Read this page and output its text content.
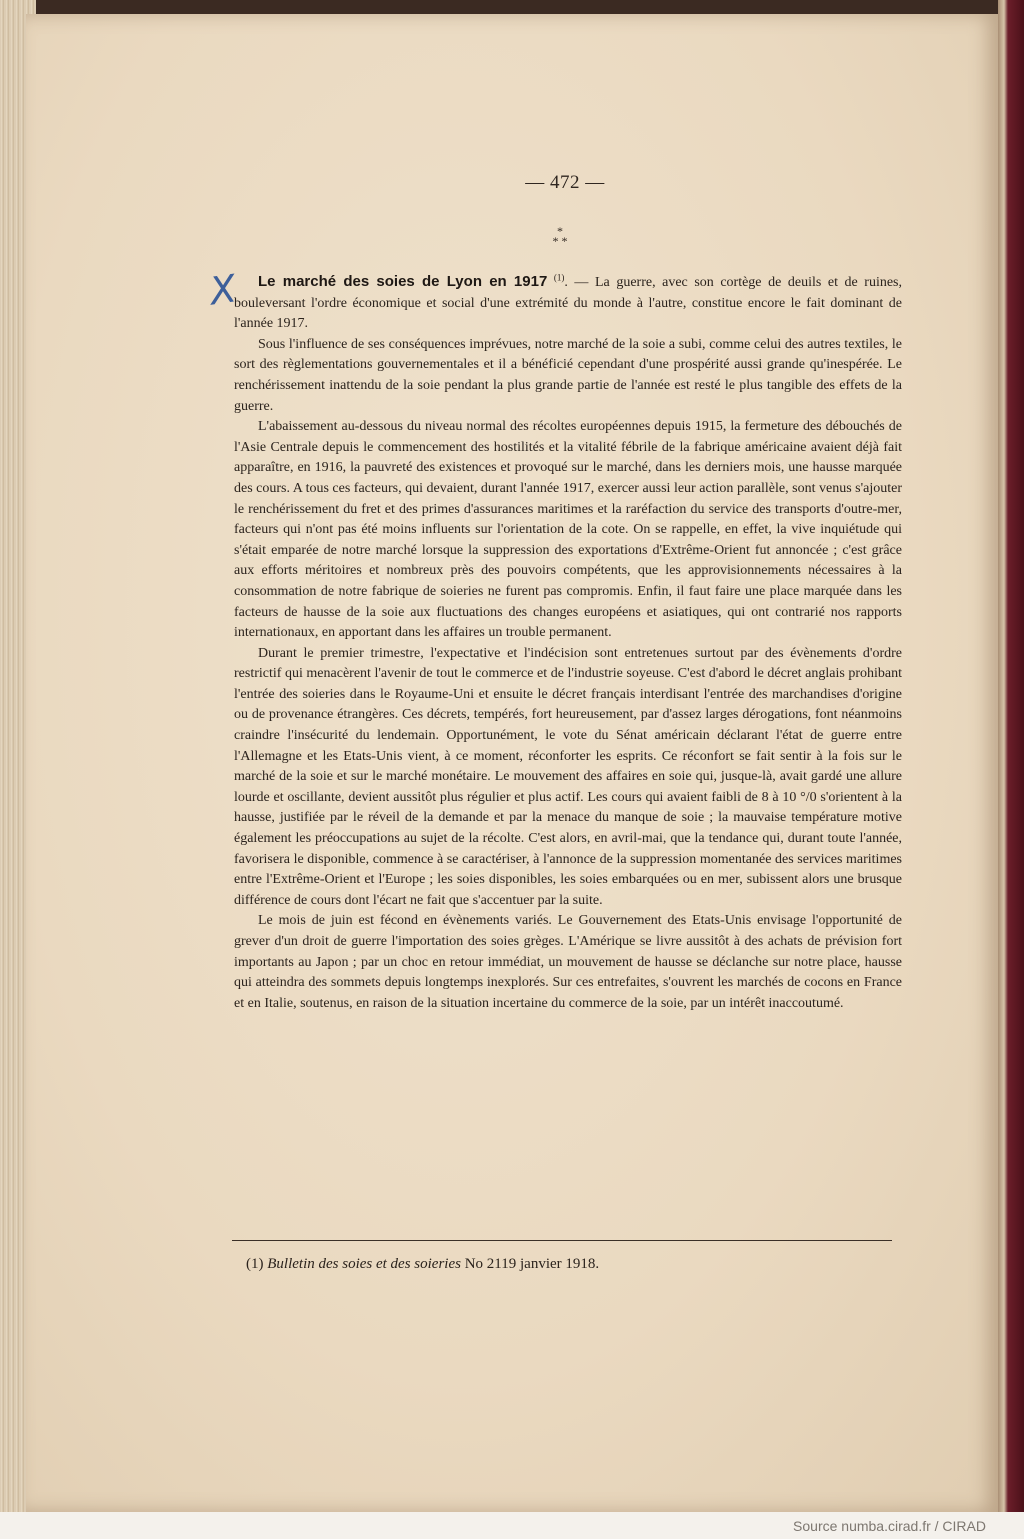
— 472 —
*
* *
X	Le marché des soies de Lyon en 1917 $^{(1)}$. — La guerre, avec son cortège de deuils et de ruines, bouleversant l'ordre économique et social d'une extrémité du monde à l'autre, constitue encore le fait dominant de l'année 1917.

Sous l'influence de ses conséquences imprévues, notre marché de la soie a subi, comme celui des autres textiles, le sort des règlementations gouvernementales et il a bénéficié cependant d'une prospérité aussi grande qu'inespérée. Le renchérissement inattendu de la soie pendant la plus grande partie de l'année est resté le plus tangible des effets de la guerre.

L'abaissement au-dessous du niveau normal des récoltes européennes depuis 1915, la fermeture des débouchés de l'Asie Centrale depuis le commencement des hostilités et la vitalité fébrile de la fabrique américaine avaient déjà fait apparaître, en 1916, la pauvreté des existences et provoqué sur le marché, dans les derniers mois, une hausse marquée des cours. A tous ces facteurs, qui devaient, durant l'année 1917, exercer aussi leur action parallèle, sont venus s'ajouter le renchérissement du fret et des primes d'assurances maritimes et la raréfaction du service des transports d'outre-mer, facteurs qui n'ont pas été moins influents sur l'orientation de la cote. On se rappelle, en effet, la vive inquiétude qui s'était emparée de notre marché lorsque la suppression des exportations d'Extrême-Orient fut annoncée ; c'est grâce aux efforts méritoires et nombreux près des pouvoirs compétents, que les approvisionnements nécessaires à la consommation de notre fabrique de soieries ne furent pas compromis. Enfin, il faut faire une place marquée dans les facteurs de hausse de la soie aux fluctuations des changes européens et asiatiques, qui ont contrarié nos rapports internationaux, en apportant dans les affaires un trouble permanent.

Durant le premier trimestre, l'expectative et l'indécision sont entretenues surtout par des évènements d'ordre restrictif qui menacèrent l'avenir de tout le commerce et de l'industrie soyeuse. C'est d'abord le décret anglais prohibant l'entrée des soieries dans le Royaume-Uni et ensuite le décret français interdisant l'entrée des marchandises d'origine ou de provenance étrangères. Ces décrets, tempérés, fort heureusement, par d'assez larges dérogations, font néanmoins craindre l'insécurité du lendemain. Opportunément, le vote du Sénat américain déclarant l'état de guerre entre l'Allemagne et les Etats-Unis vient, à ce moment, réconforter les esprits. Ce réconfort se fait sentir à la fois sur le marché de la soie et sur le marché monétaire. Le mouvement des affaires en soie qui, jusque-là, avait gardé une allure lourde et oscillante, devient aussitôt plus régulier et plus actif. Les cours qui avaient faibli de 8 à 10 °/0 s'orientent à la hausse, justifiée par le réveil de la demande et par la menace du manque de soie ; la mauvaise température motive également les préoccupations au sujet de la récolte. C'est alors, en avril-mai, que la tendance qui, durant toute l'année, favorisera le disponible, commence à se caractériser, à l'annonce de la suppression momentanée des services maritimes entre l'Extrême-Orient et l'Europe ; les soies disponibles, les soies embarquées ou en mer, subissent alors une brusque différence de cours dont l'écart ne fait que s'accentuer par la suite.

Le mois de juin est fécond en évènements variés. Le Gouvernement des Etats-Unis envisage l'opportunité de grever d'un droit de guerre l'importation des soies grèges. L'Amérique se livre aussitôt à des achats de prévision fort importants au Japon ; par un choc en retour immédiat, un mouvement de hausse se déclanche sur notre place, hausse qui atteindra des sommets depuis longtemps inexplorés. Sur ces entrefaites, s'ouvrent les marchés de cocons en France et en Italie, soutenus, en raison de la situation incertaine du commerce de la soie, par un intérêt inaccoutumé.

(1) Bulletin des soies et des soieries No 2119 janvier 1918.
Source numba.cirad.fr / CIRAD
